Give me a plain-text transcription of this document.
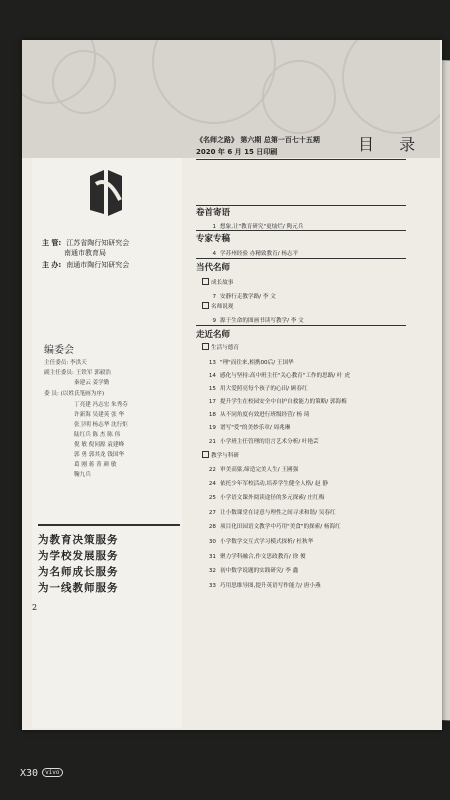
主 管: 江苏省陶行知研究会
南通市教育局
主 办: 南通市陶行知研究会
编委会
主任委员: 李洪天
副主任委员: 王铁军 郭毅浩
秦建云 姜学勤
委 员: (以姓氏笔画为序)
丁亮建 冯志宏 朱秀芬
许新海 吴建英 张 华
张卫明 杨志华 沈行炬
陆红兵 陈 杰 陈 伟
倪 敏 倪同源 袁建峰
郭 勇 郭其龙 钱国华
葛 刚 蒋 菁 颜 敏
鞠九兵
为教育决策服务
为学校发展服务
为名师成长服务
为一线教师服务
2
《名师之路》 第六期 总第一百七十五期
2020 年 6 月 15 日印刷	目 录
卷首寄语
1 想象,让"教育研究"更灿烂/ 陶元兵
专家专稿
4 学苏州经验 办精致教育/ 杨志平
当代名师
成长故事
7 安静行走教学路/ 李 文
名师说观
9 源于生命的图画书读写教学/ 李 文
走近名师
生活与德育
13 "理"而往来,相携00后/ 王国华
14 感化与坚持:高中班主任"关心教育"工作的思路/ 叶 虎
15 用大爱照亮每个孩子的心田/ 顾春红
17 提升学生在校园安全中自护自救能力的策略/ 郭海梅
18 从不同角度有效进行班级经营/ 杨 琦
19 谱写"爱"的美妙乐章/ 周兆琳
21 小学班主任管理的语言艺术分析/ 叶艳芸
教学与科研
22 审美高粱,缔造完美人生/ 王國强
24 依托少年军校活动,培养学生健全人格/ 赵 静
25 小学语文课外阅读途径的多元探索/ 庄红梅
27 让小数课堂在诗意与理性之间寻求和谐/ 吴春红
28 项目化田园语文教学中巧用"美食"的探索/ 杨海红
30 小学数学交互式学习模式探析/ 杜秋华
31 聚力学科融合,作文思政教育/ 徐 俊
32 初中数学说题的实践研究/ 李 鑫
33 巧用思维导图,提升英语写作能力/ 唐小燕
X30 vivo
